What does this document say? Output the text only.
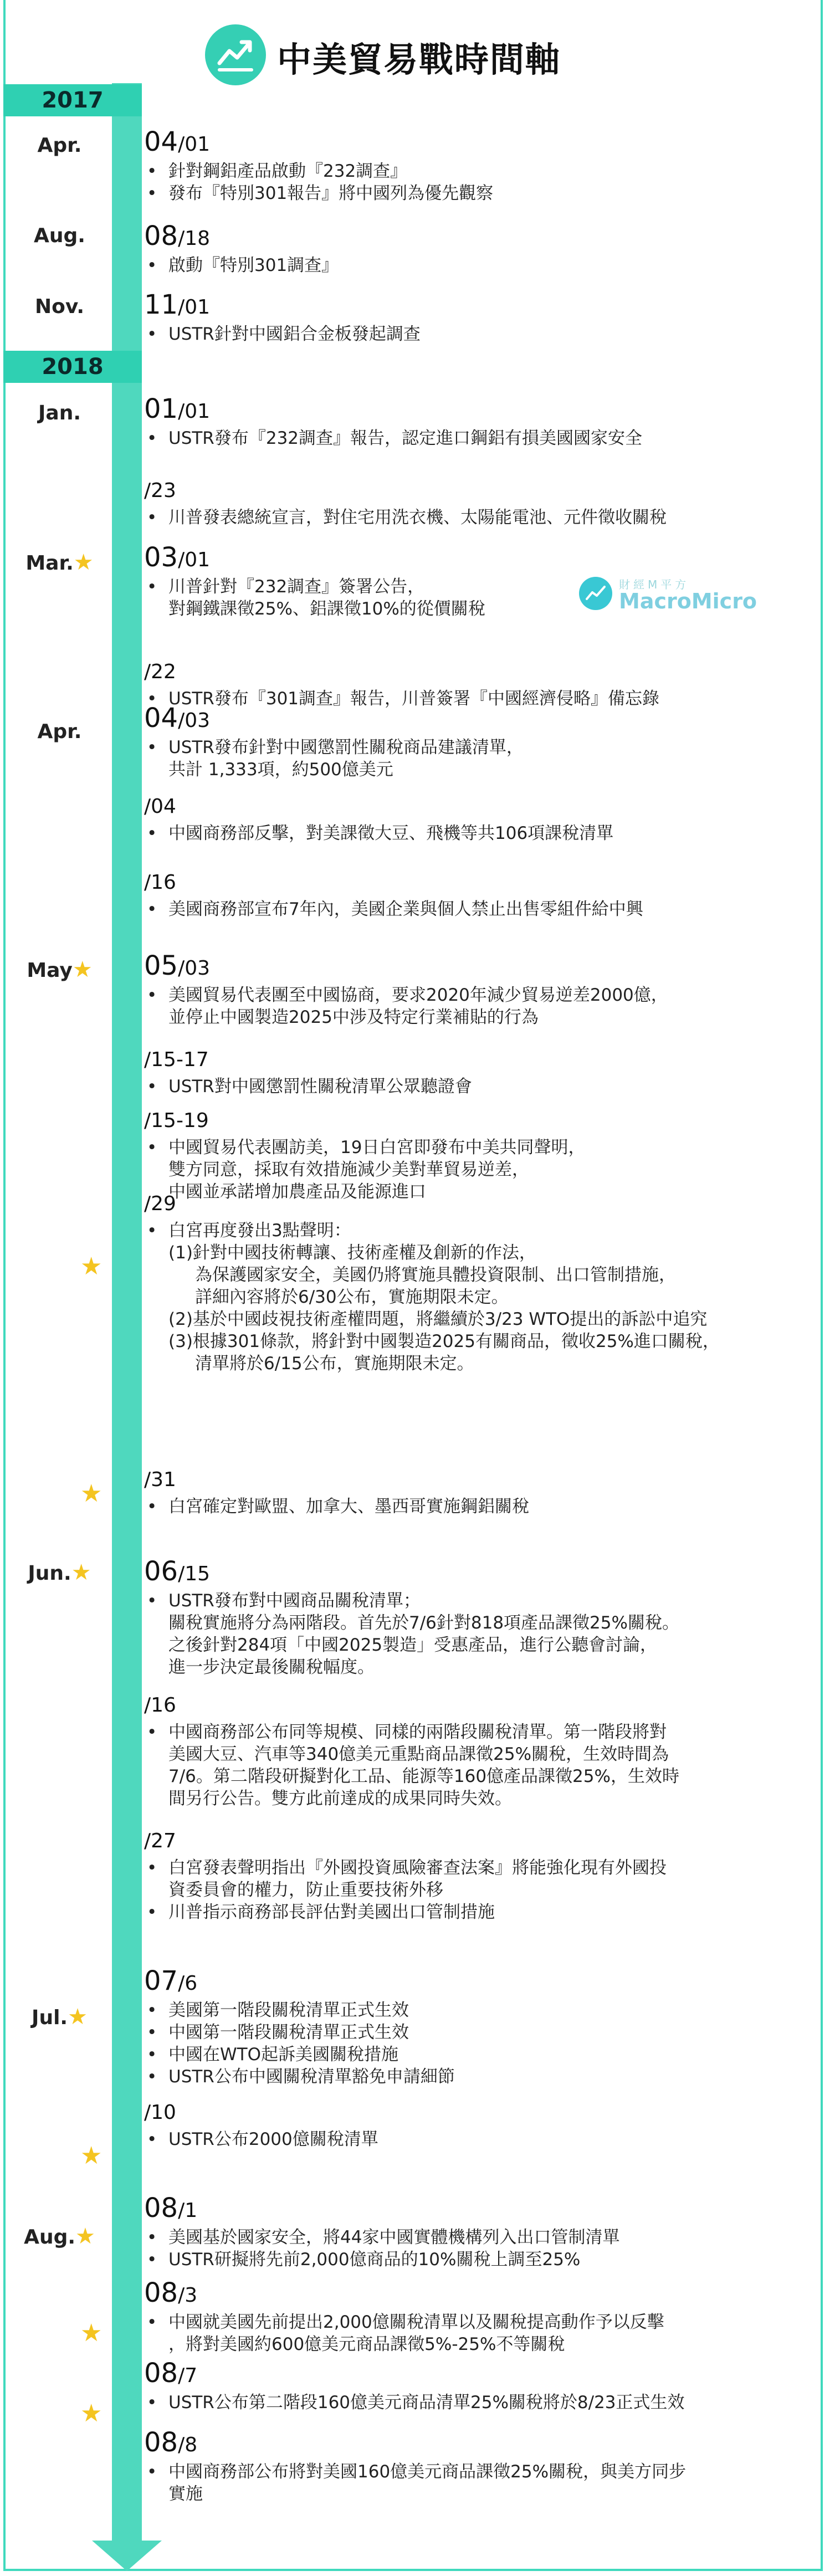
中美貿易戰時間軸
2017
2018
Apr.
Aug.
Nov.
Jan.
Mar.★
Apr.
May★
Jun.★
Jul.★
Aug.★
★
★
★
★
★
財經M平方
MacroMicro
04/01
• 針對鋼鋁產品啟動『232調查』
• 發布『特別301報告』將中國列為優先觀察
08/18
• 啟動『特別301調查』
11/01
• USTR針對中國鋁合金板發起調查
01/01
• USTR發布『232調查』報告，認定進口鋼鋁有損美國國家安全
/23
• 川普發表總統宣言，對住宅用洗衣機、太陽能電池、元件徵收關稅
03/01
• 川普針對『232調查』簽署公告，
對鋼鐵課徵25%、鋁課徵10%的從價關稅
/22
• USTR發布『301調查』報告，川普簽署『中國經濟侵略』備忘錄
04/03
• USTR發布針對中國懲罰性關稅商品建議清單，
共計 1,333項，約500億美元
/04
• 中國商務部反擊，對美課徵大豆、飛機等共106項課稅清單
/16
• 美國商務部宣布7年內，美國企業與個人禁止出售零組件給中興
05/03
• 美國貿易代表團至中國協商，要求2020年減少貿易逆差2000億，
並停止中國製造2025中涉及特定行業補貼的行為
/15-17
• USTR對中國懲罰性關稅清單公眾聽證會
/15-19
• 中國貿易代表團訪美，19日白宮即發布中美共同聲明，
雙方同意，採取有效措施減少美對華貿易逆差，
中國並承諾增加農產品及能源進口
/29
• 白宮再度發出3點聲明：
(1)針對中國技術轉讓、技術產權及創新的作法，
為保護國家安全，美國仍將實施具體投資限制、出口管制措施，
詳細內容將於6/30公布，實施期限未定。
(2)基於中國歧視技術產權問題，將繼續於3/23 WTO提出的訴訟中追究
(3)根據301條款，將針對中國製造2025有關商品，徵收25%進口關稅，
清單將於6/15公布，實施期限未定。
/31
• 白宮確定對歐盟、加拿大、墨西哥實施鋼鋁關稅
06/15
• USTR發布對中國商品關稅清單；
關稅實施將分為兩階段。首先於7/6針對818項產品課徵25%關稅。
之後針對284項「中國2025製造」受惠產品，進行公聽會討論，
進一步決定最後關稅幅度。
/16
• 中國商務部公布同等規模、同樣的兩階段關稅清單。第一階段將對
美國大豆、汽車等340億美元重點商品課徵25%關稅，生效時間為
7/6。第二階段研擬對化工品、能源等160億產品課徵25%，生效時
間另行公告。雙方此前達成的成果同時失效。
/27
• 白宮發表聲明指出『外國投資風險審查法案』將能強化現有外國投
資委員會的權力，防止重要技術外移
• 川普指示商務部長評估對美國出口管制措施
07/6
• 美國第一階段關稅清單正式生效
• 中國第一階段關稅清單正式生效
• 中國在WTO起訴美國關稅措施
• USTR公布中國關稅清單豁免申請細節
/10
• USTR公布2000億關稅清單
08/1
• 美國基於國家安全，將44家中國實體機構列入出口管制清單
• USTR研擬將先前2,000億商品的10%關稅上調至25%
08/3
• 中國就美國先前提出2,000億關稅清單以及關稅提高動作予以反擊
，將對美國約600億美元商品課徵5%-25%不等關稅
08/7
• USTR公布第二階段160億美元商品清單25%關稅將於8/23正式生效
08/8
• 中國商務部公布將對美國160億美元商品課徵25%關稅，與美方同步
實施
